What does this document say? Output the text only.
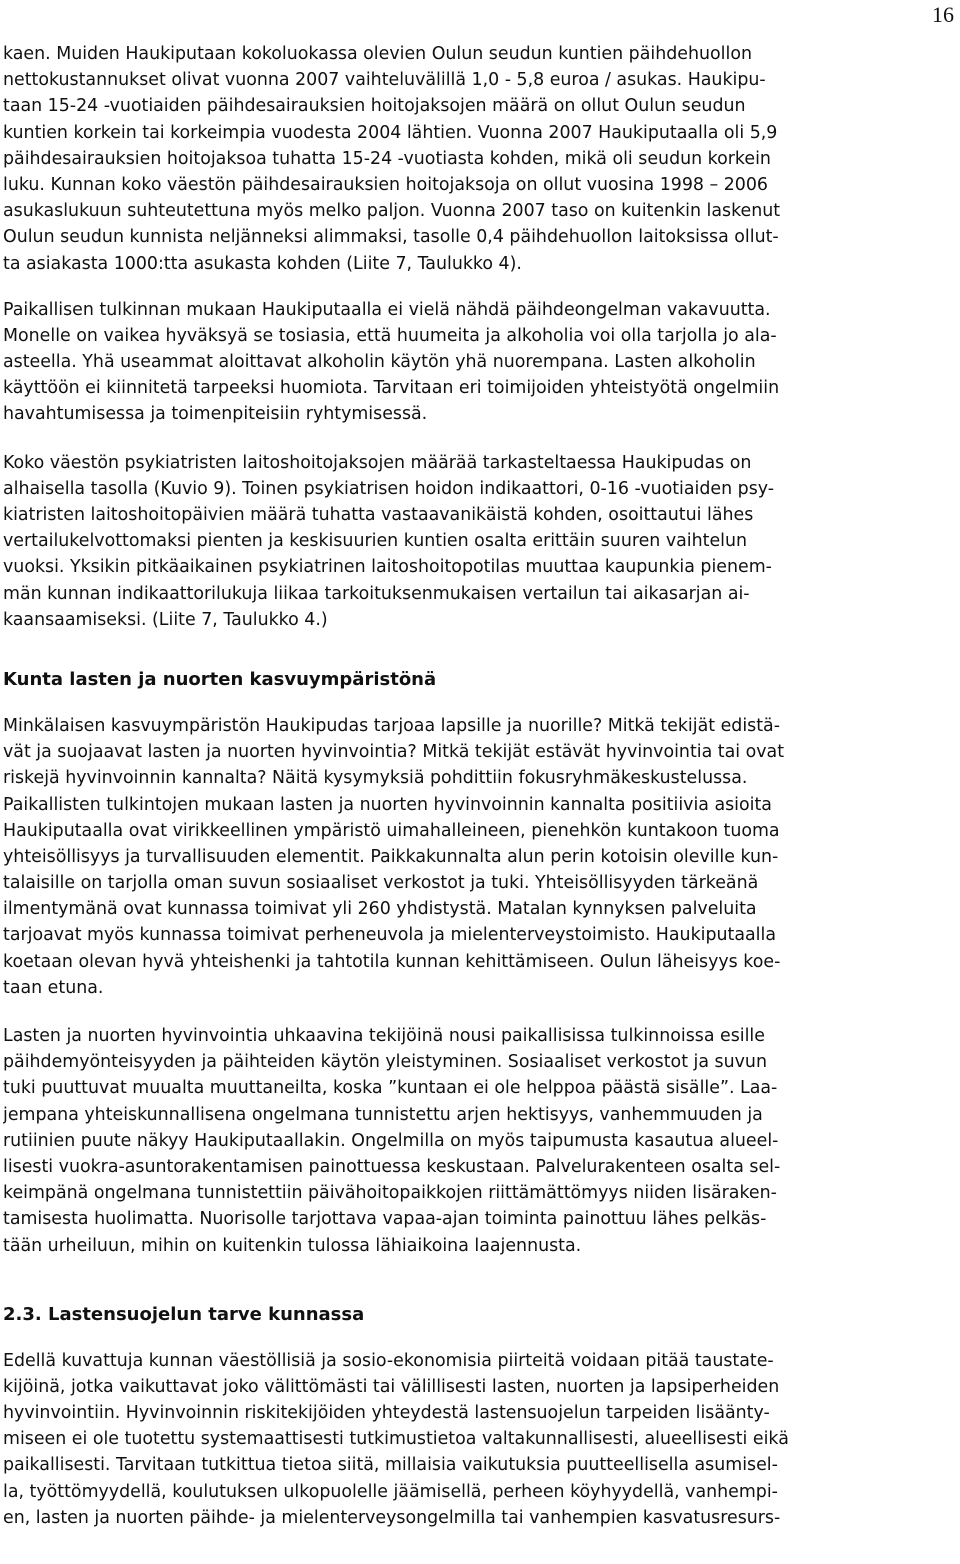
16
kaen. Muiden Haukiputaan kokoluokassa olevien Oulun seudun kuntien päihdehuollon
nettokustannukset olivat vuonna 2007 vaihteluvälillä 1,0 - 5,8 euroa / asukas. Haukipu-
taan 15-24 -vuotiaiden päihdesairauksien hoitojaksojen määrä on ollut Oulun seudun
kuntien korkein tai korkeimpia vuodesta 2004 lähtien. Vuonna 2007 Haukiputaalla oli 5,9
päihdesairauksien hoitojaksoa tuhatta 15-24 -vuotiasta kohden, mikä oli seudun korkein
luku. Kunnan koko väestön päihdesairauksien hoitojaksoja on ollut vuosina 1998 – 2006
asukaslukuun suhteutettuna myös melko paljon. Vuonna 2007 taso on kuitenkin laskenut
Oulun seudun kunnista neljänneksi alimmaksi, tasolle 0,4 päihdehuollon laitoksissa ollut-
ta asiakasta 1000:tta asukasta kohden (Liite 7, Taulukko 4).
Paikallisen tulkinnan mukaan Haukiputaalla ei vielä nähdä päihdeongelman vakavuutta.
Monelle on vaikea hyväksyä se tosiasia, että huumeita ja alkoholia voi olla tarjolla jo ala-
asteella. Yhä useammat aloittavat alkoholin käytön yhä nuorempana. Lasten alkoholin
käyttöön ei kiinnitetä tarpeeksi huomiota. Tarvitaan eri toimijoiden yhteistyötä ongelmiin
havahtumisessa ja toimenpiteisiin ryhtymisessä.
Koko väestön psykiatristen laitoshoitojaksojen määrää tarkasteltaessa Haukipudas on
alhaisella tasolla (Kuvio 9). Toinen psykiatrisen hoidon indikaattori, 0-16 -vuotiaiden psy-
kiatristen laitoshoitopäivien määrä tuhatta vastaavanikäistä kohden, osoittautui lähes
vertailukelvottomaksi pienten ja keskisuurien kuntien osalta erittäin suuren vaihtelun
vuoksi. Yksikin pitkäaikainen psykiatrinen laitoshoitopotilas muuttaa kaupunkia pienem-
män kunnan indikaattorilukuja liikaa tarkoituksenmukaisen vertailun tai aikasarjan ai-
kaansaamiseksi. (Liite 7, Taulukko 4.)
Kunta lasten ja nuorten kasvuympäristönä
Minkälaisen kasvuympäristön Haukipudas tarjoaa lapsille ja nuorille? Mitkä tekijät edistä-
vät ja suojaavat lasten ja nuorten hyvinvointia? Mitkä tekijät estävät hyvinvointia tai ovat
riskejä hyvinvoinnin kannalta? Näitä kysymyksiä pohdittiin fokusryhmäkeskustelussa.
Paikallisten tulkintojen mukaan lasten ja nuorten hyvinvoinnin kannalta positiivia asioita
Haukiputaalla ovat virikkeellinen ympäristö uimahalleineen, pienehkön kuntakoon tuoma
yhteisöllisyys ja turvallisuuden elementit. Paikkakunnalta alun perin kotoisin oleville kun-
talaisille on tarjolla oman suvun sosiaaliset verkostot ja tuki. Yhteisöllisyyden tärkeänä
ilmentymänä ovat kunnassa toimivat yli 260 yhdistystä. Matalan kynnyksen palveluita
tarjoavat myös kunnassa toimivat perheneuvola ja mielenterveystoimisto. Haukiputaalla
koetaan olevan hyvä yhteishenki ja tahtotila kunnan kehittämiseen. Oulun läheisyys koe-
taan etuna.
Lasten ja nuorten hyvinvointia uhkaavina tekijöinä nousi paikallisissa tulkinnoissa esille
päihdemyönteisyyden ja päihteiden käytön yleistyminen. Sosiaaliset verkostot ja suvun
tuki puuttuvat muualta muuttaneilta, koska ”kuntaan ei ole helppoa päästä sisälle”. Laa-
jempana yhteiskunnallisena ongelmana tunnistettu arjen hektisyys, vanhemmuuden ja
rutiinien puute näkyy Haukiputaallakin. Ongelmilla on myös taipumusta kasautua alueel-
lisesti vuokra-asuntorakentamisen painottuessa keskustaan. Palvelurakenteen osalta sel-
keimpänä ongelmana tunnistettiin päivähoitopaikkojen riittämättömyys niiden lisäraken-
tamisesta huolimatta. Nuorisolle tarjottava vapaa-ajan toiminta painottuu lähes pelkäs-
tään urheiluun, mihin on kuitenkin tulossa lähiaikoina laajennusta.
2.3. Lastensuojelun tarve kunnassa
Edellä kuvattuja kunnan väestöllisiä ja sosio-ekonomisia piirteitä voidaan pitää taustate-
kijöinä, jotka vaikuttavat joko välittömästi tai välillisesti lasten, nuorten ja lapsiperheiden
hyvinvointiin. Hyvinvoinnin riskitekijöiden yhteydestä lastensuojelun tarpeiden lisäänty-
miseen ei ole tuotettu systemaattisesti tutkimustietoa valtakunnallisesti, alueellisesti eikä
paikallisesti. Tarvitaan tutkittua tietoa siitä, millaisia vaikutuksia puutteellisella asumisel-
la, työttömyydellä, koulutuksen ulkopuolelle jäämisellä, perheen köyhyydellä, vanhempi-
en, lasten ja nuorten päihde- ja mielenterveysongelmilla tai vanhempien kasvatusresurs-
